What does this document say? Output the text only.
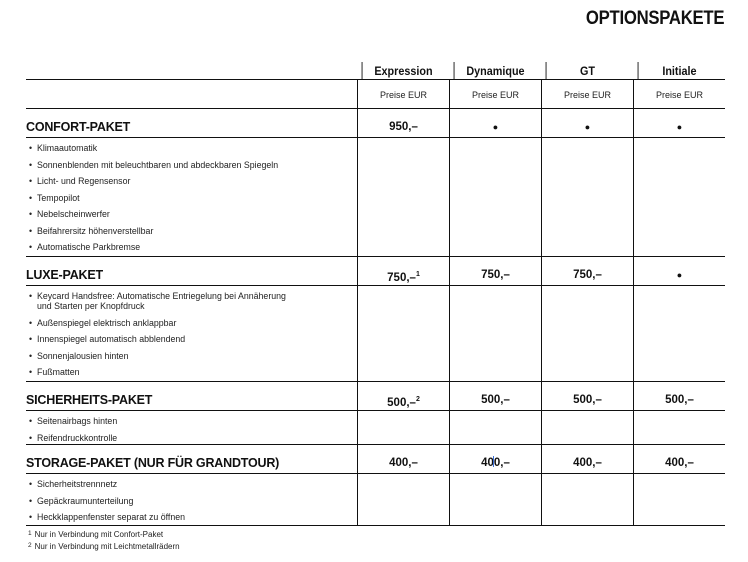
OPTIONSPAKETE
Expression	Dynamique	GT	Initiale
Preise EUR	Preise EUR	Preise EUR	Preise EUR
CONFORT-PAKET	950,–	●	●	●
• Klimaautomatik
• Sonnenblenden mit beleuchtbaren und abdeckbaren Spiegeln
• Licht- und Regensensor
• Tempopilot
• Nebelscheinwerfer
• Beifahrersitz höhenverstellbar
• Automatische Parkbremse
LUXE-PAKET	750,–$^1$	750,–	750,–	●
• Keycard Handsfree: Automatische Entriegelung bei Annäherung
und Starten per Knopfdruck
• Außenspiegel elektrisch anklappbar
• Innenspiegel automatisch abblendend
• Sonnenjalousien hinten
• Fußmatten
SICHERHEITS-PAKET	500,–$^2$	500,–	500,–	500,–
• Seitenairbags hinten
• Reifendruckkontrolle
STORAGE-PAKET (NUR FÜR GRANDTOUR)	400,–	400,–	400,–	400,–
• Sicherheitstrennnetz
• Gepäckraumunterteilung
• Heckklappenfenster separat zu öffnen
$^1$ Nur in Verbindung mit Confort-Paket
$^2$ Nur in Verbindung mit Leichtmetallrädern
